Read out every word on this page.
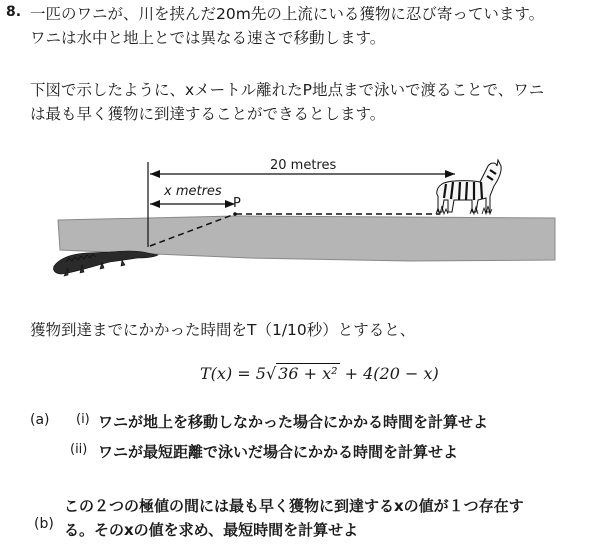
8. 一匹のワニが、川を挟んだ20m先の上流にいる獲物に忍び寄っています。
ワニは水中と地上とでは異なる速さで移動します。
下図で示したように、xメートル離れたP地点まで泳いで渡ることで、ワニ
は最も早く獲物に到達することができるとします。
20 metres
x metres
P
獲物到達までにかかった時間をT（1/10秒）とすると、
T(x) = 5√ 36 + x² + 4(20 − x)
(a) (i) ワニが地上を移動しなかった場合にかかる時間を計算せよ
(ii) ワニが最短距離で泳いだ場合にかかる時間を計算せよ
(b)
この２つの極値の間には最も早く獲物に到達するxの値が１つ存在す
る。そのxの値を求め、最短時間を計算せよ
